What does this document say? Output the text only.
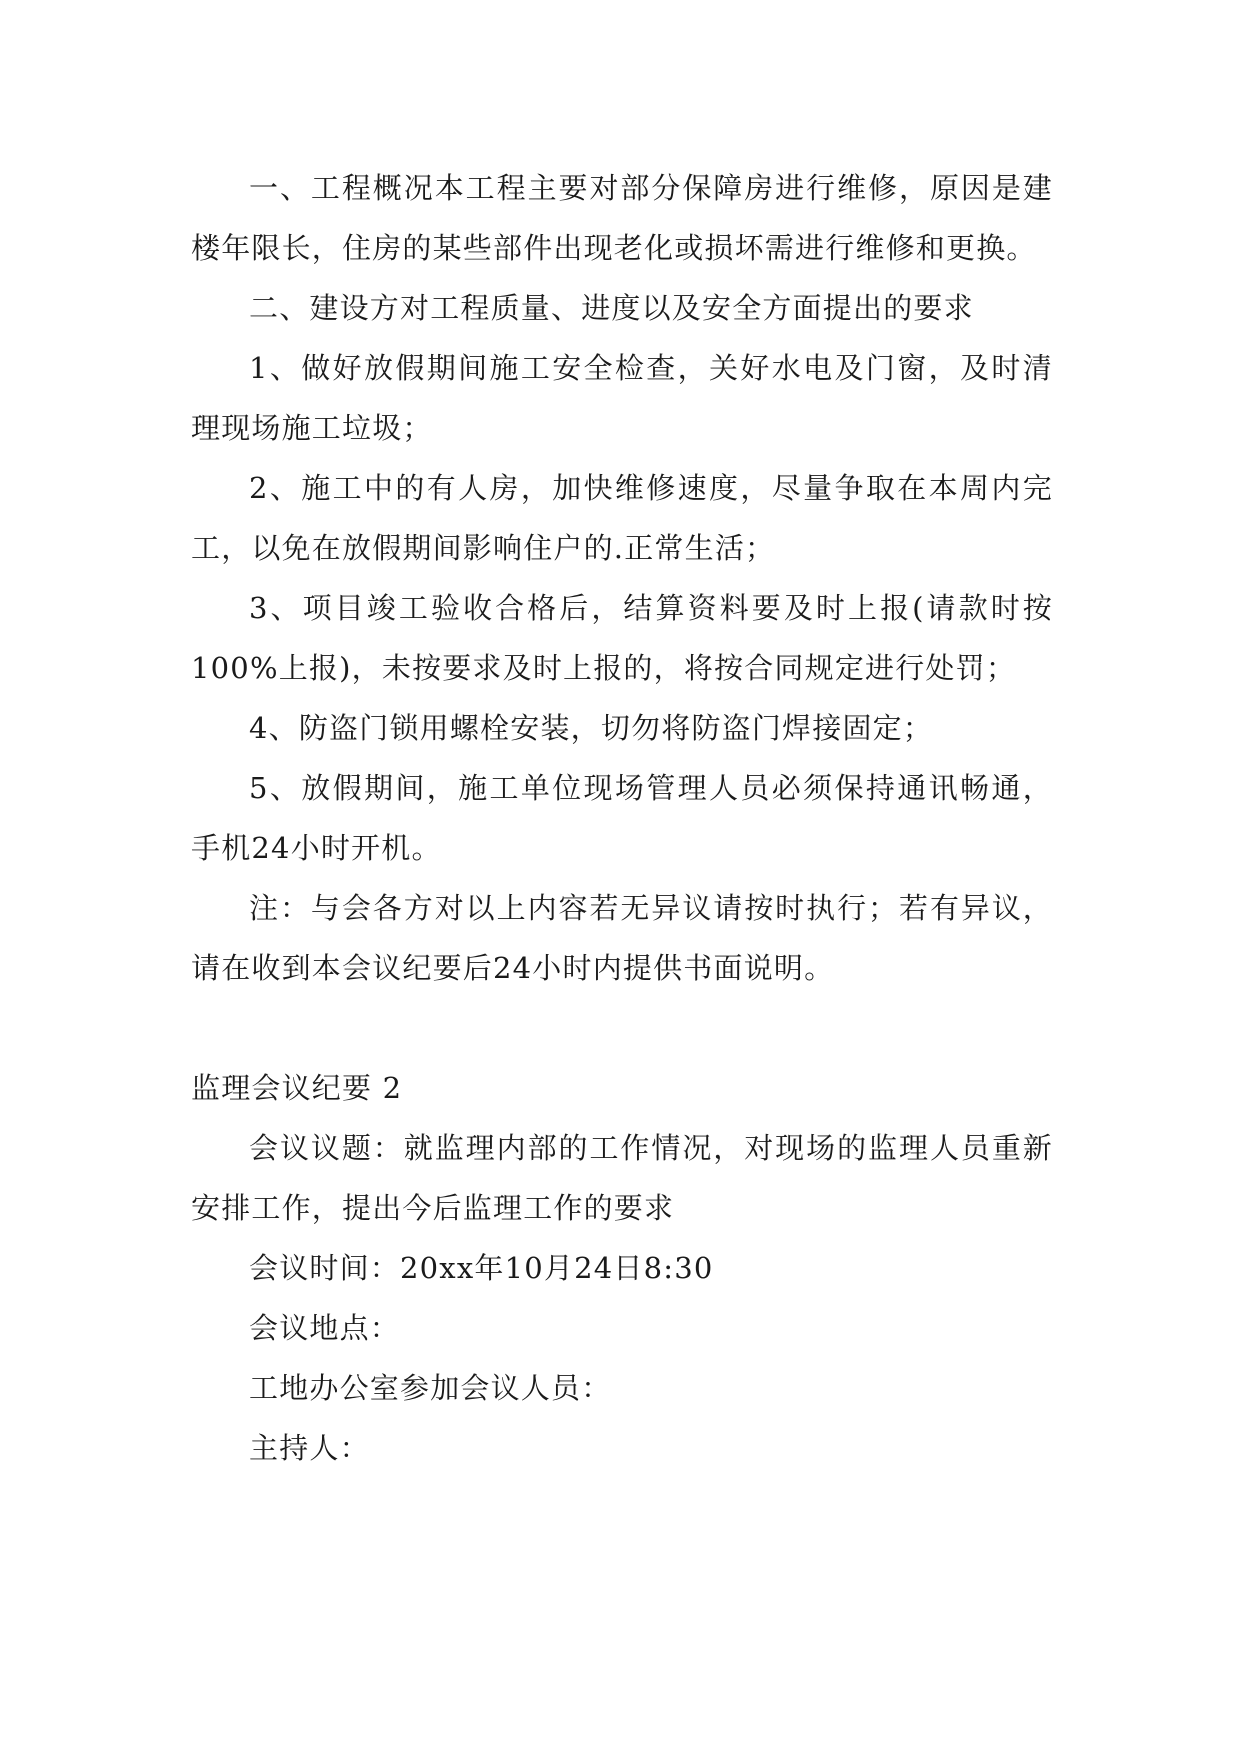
一、工程概况本工程主要对部分保障房进行维修，原因是建楼年限长，住房的某些部件出现老化或损坏需进行维修和更换。

二、建设方对工程质量、进度以及安全方面提出的要求

1、做好放假期间施工安全检查，关好水电及门窗，及时清理现场施工垃圾；

2、施工中的有人房，加快维修速度，尽量争取在本周内完工，以免在放假期间影响住户的.正常生活；

3、项目竣工验收合格后，结算资料要及时上报(请款时按100%上报)，未按要求及时上报的，将按合同规定进行处罚；

4、防盗门锁用螺栓安装，切勿将防盗门焊接固定；

5、放假期间，施工单位现场管理人员必须保持通讯畅通，手机24小时开机。

注：与会各方对以上内容若无异议请按时执行；若有异议，请在收到本会议纪要后24小时内提供书面说明。

监理会议纪要 2

会议议题：就监理内部的工作情况，对现场的监理人员重新安排工作，提出今后监理工作的要求

会议时间：20xx年10月24日8:30

会议地点：

工地办公室参加会议人员：

主持人：
